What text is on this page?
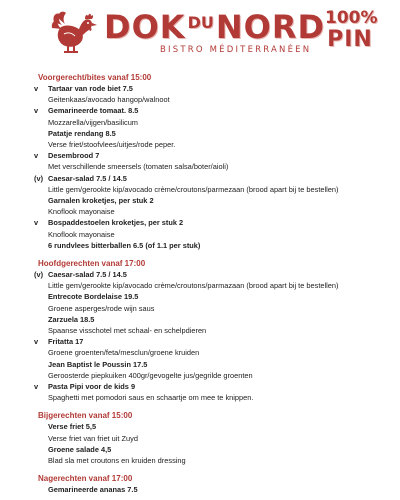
DOK $^{DU}$NORD
BISTRO MÉDITERRANÉEN
100%
PIN
Voorgerecht/bites vanaf 15:00
v	Tartaar van rode biet 7.5
Geitenkaas/avocado hangop/walnoot
v	Gemarineerde tomaat. 8.5
Mozzarella/vijgen/basilicum
Patatje rendang 8.5
Verse friet/stoofvlees/uitjes/rode peper.
v	Desembrood 7
Met verschillende smeersels (tomaten salsa/boter/aioli)
(v) Caesar-salad 7.5 / 14.5
Little gem/gerookte kip/avocado crème/croutons/parmezaan (brood apart bij te bestellen)
Garnalen kroketjes, per stuk 2
Knoflook mayonaise
v	Bospaddestoelen kroketjes, per stuk 2
Knoflook mayonaise
6 rundvlees bitterballen 6.5 (of 1.1 per stuk)
Hoofdgerechten vanaf 17:00
(v) Caesar-salad 7.5 / 14.5
Little gem/gerookte kip/avocado crème/croutons/parmazaan (brood apart bij te bestellen)
Entrecote Bordelaise 19.5
Groene asperges/rode wijn saus
Zarzuela 18.5
Spaanse visschotel met schaal- en schelpdieren
v	Fritatta 17
Groene groenten/feta/mesclun/groene kruiden
Jean Baptist le Poussin 17.5
Geroosterde piepkuiken 400gr/gevogelte jus/gegrilde groenten
v	Pasta Pipi voor de kids 9
Spaghetti met pomodori saus en schaartje om mee te knippen.
Bijgerechten vanaf 15:00
Verse friet 5,5
Verse friet van friet uit Zuyd
Groene salade 4,5
Blad sla met croutons en kruiden dressing
Nagerechten vanaf 17:00
Gemarineerde ananas 7.5
